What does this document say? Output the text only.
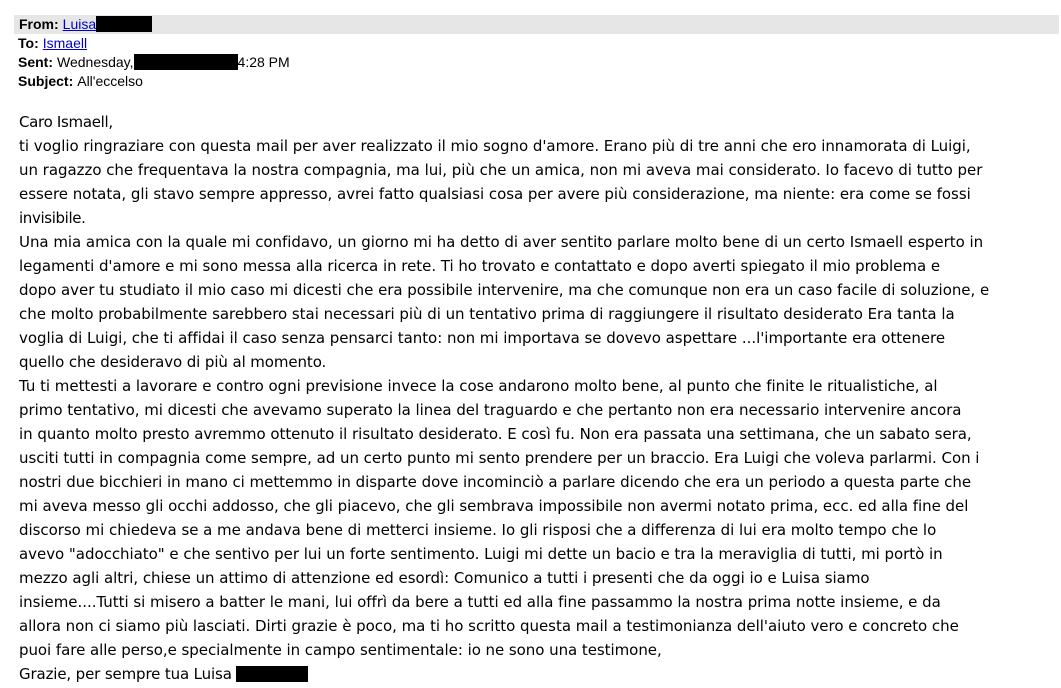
From: Luisa
To: Ismaell
Sent: Wednesday,	4:28 PM
Subject: All'eccelso
Caro Ismaell,
ti voglio ringraziare con questa mail per aver realizzato il mio sogno d'amore. Erano più di tre anni che ero innamorata di Luigi,
un ragazzo che frequentava la nostra compagnia, ma lui, più che un amica, non mi aveva mai considerato. Io facevo di tutto per
essere notata, gli stavo sempre appresso, avrei fatto qualsiasi cosa per avere più considerazione, ma niente: era come se fossi
invisibile.
Una mia amica con la quale mi confidavo, un giorno mi ha detto di aver sentito parlare molto bene di un certo Ismaell esperto in
legamenti d'amore e mi sono messa alla ricerca in rete. Ti ho trovato e contattato e dopo averti spiegato il mio problema e
dopo aver tu studiato il mio caso mi dicesti che era possibile intervenire, ma che comunque non era un caso facile di soluzione, e
che molto probabilmente sarebbero stai necessari più di un tentativo prima di raggiungere il risultato desiderato Era tanta la
voglia di Luigi, che ti affidai il caso senza pensarci tanto: non mi importava se dovevo aspettare ...l'importante era ottenere
quello che desideravo di più al momento.
Tu ti mettesti a lavorare e contro ogni previsione invece la cose andarono molto bene, al punto che finite le ritualistiche, al
primo tentativo, mi dicesti che avevamo superato la linea del traguardo e che pertanto non era necessario intervenire ancora
in quanto molto presto avremmo ottenuto il risultato desiderato. E così fu. Non era passata una settimana, che un sabato sera,
usciti tutti in compagnia come sempre, ad un certo punto mi sento prendere per un braccio. Era Luigi che voleva parlarmi. Con i
nostri due bicchieri in mano ci mettemmo in disparte dove incominciò a parlare dicendo che era un periodo a questa parte che
mi aveva messo gli occhi addosso, che gli piacevo, che gli sembrava impossibile non avermi notato prima, ecc. ed alla fine del
discorso mi chiedeva se a me andava bene di metterci insieme. Io gli risposi che a differenza di lui era molto tempo che lo
avevo "adocchiato" e che sentivo per lui un forte sentimento. Luigi mi dette un bacio e tra la meraviglia di tutti, mi portò in
mezzo agli altri, chiese un attimo di attenzione ed esordì: Comunico a tutti i presenti che da oggi io e Luisa siamo
insieme....Tutti si misero a batter le mani, lui offrì da bere a tutti ed alla fine passammo la nostra prima notte insieme, e da
allora non ci siamo più lasciati. Dirti grazie è poco, ma ti ho scritto questa mail a testimonianza dell'aiuto vero e concreto che
puoi fare alle perso,e specialmente in campo sentimentale: io ne sono una testimone,
Grazie, per sempre tua Luisa
